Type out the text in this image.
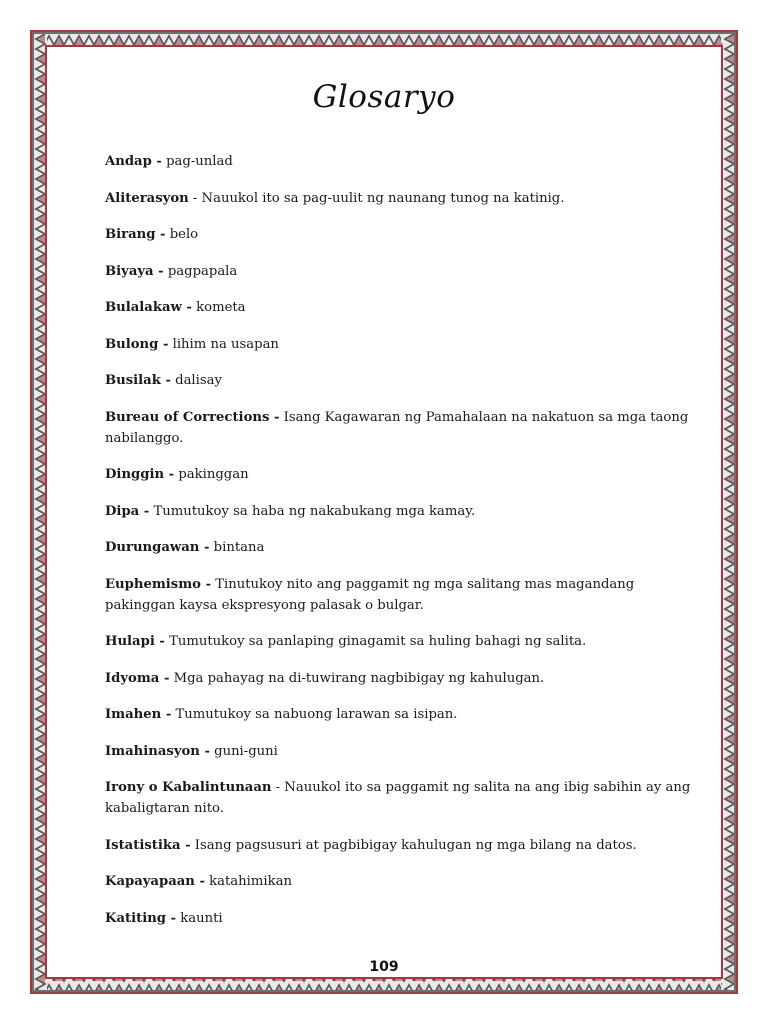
Glosaryo
Andap - pag-unlad
Aliterasyon - Nauukol ito sa pag-uulit ng naunang tunog na katinig.
Birang - belo
Biyaya - pagpapala
Bulalakaw - kometa
Bulong - lihim na usapan
Busilak - dalisay
Bureau of Corrections - Isang Kagawaran ng Pamahalaan na nakatuon sa mga taong nabilanggo.
Dinggin - pakinggan
Dipa - Tumutukoy sa haba ng nakabukang mga kamay.
Durungawan - bintana
Euphemismo - Tinutukoy nito ang paggamit ng mga salitang mas magandang pakinggan kaysa ekspresyong palasak o bulgar.
Hulapi - Tumutukoy sa panlaping ginagamit sa huling bahagi ng salita.
Idyoma - Mga pahayag na di-tuwirang nagbibigay ng kahulugan.
Imahen - Tumutukoy sa nabuong larawan sa isipan.
Imahinasyon - guni-guni
Irony o Kabalintunaan - Nauukol ito sa paggamit ng salita na ang ibig sabihin ay ang kabaligtaran nito.
Istatistika - Isang pagsusuri at pagbibigay kahulugan ng mga bilang na datos.
Kapayapaan - katahimikan
Katiting - kaunti
109
